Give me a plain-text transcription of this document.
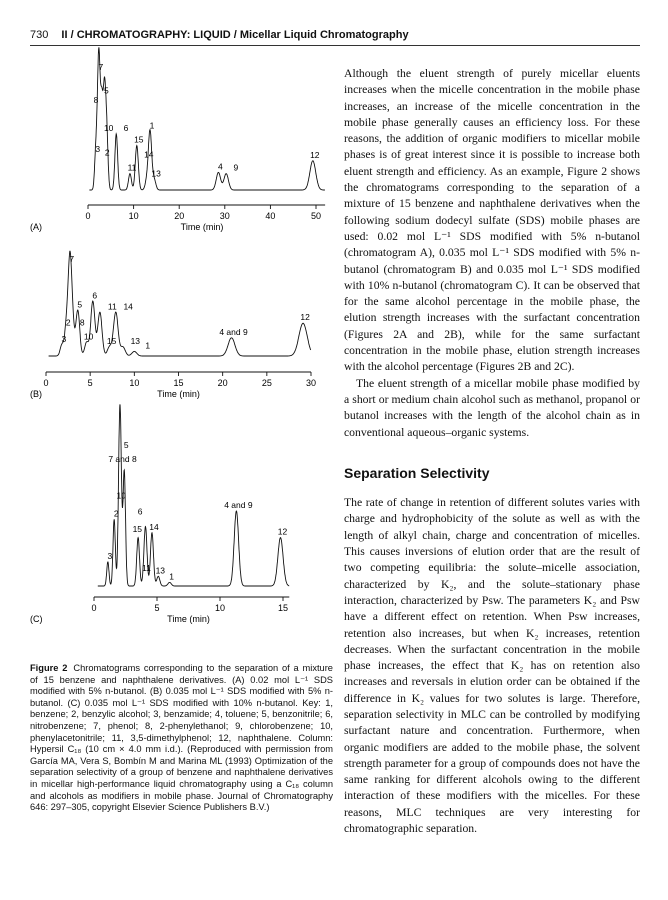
730 II / CHROMATOGRAPHY: LIQUID / Micellar Liquid Chromatography
0	10	20	30	40	50
Time (min)
(A)
7
5
8
1
10 6
15
3 2	12
4
11	9
13
14
0	5	10	15	20	25	30
Time (min)
(B)
7
6
5	11 14
12
2 8
4 and 9
10
3	15 13 1
0	5	10	15
Time (min)
(C)
7 and 8
5
10
4 and 9
2
14
15
6
12
3
11 13
1
Figure 2 Chromatograms corresponding to the separation of a mixture of 15 benzene and naphthalene derivatives. (A) 0.02 mol L⁻¹ SDS modified with 5% n-butanol. (B) 0.035 mol L⁻¹ SDS modified with 5% n-butanol. (C) 0.035 mol L⁻¹ SDS modified with 10% n-butanol. Key: 1, benzene; 2, benzylic alcohol; 3, benzamide; 4, toluene; 5, benzonitrile; 6, nitrobenzene; 7, phenol; 8, 2-phenylethanol; 9, chlorobenzene; 10, phenylacetonitrile; 11, 3,5-dimethylphenol; 12, naphthalene. Column: Hypersil C₁₈ (10 cm × 4.0 mm i.d.). (Reproduced with permission from García MA, Vera S, Bombín M and Marina ML (1993) Optimization of the separation selectivity of a group of benzene and naphthalene derivatives in micellar high-performance liquid chromatography using a C₁₈ column and alcohols as modifiers in mobile phase. Journal of Chromatography 646: 297–305, copyright Elsevier Science Publishers B.V.)

Although the eluent strength of purely micellar eluents increases when the micelle concentration in the mobile phase increases, an increase of the micelle concentration in the mobile phase generally causes an efficiency loss. For these reasons, the addition of organic modifiers to micellar mobile phases is of great interest since it is possible to increase both eluent strength and efficiency. As an example, Figure 2 shows the chromatograms corresponding to the separation of a mixture of 15 benzene and naphthalene derivatives when the following sodium dodecyl sulfate (SDS) mobile phases are used: 0.02 mol L⁻¹ SDS modified with 5% n-butanol (chromatogram A), 0.035 mol L⁻¹ SDS modified with 5% n-butanol (chromatogram B) and 0.035 mol L⁻¹ SDS modified with 10% n-butanol (chromatogram C). It can be observed that for the same alcohol percentage in the mobile phase, the elution strength increases with the surfactant concentration (Figures 2A and 2B), while for the same surfactant concentration in the mobile phase, elution strength increases with the alcohol percentage (Figures 2B and 2C).

The eluent strength of a micellar mobile phase modified by a short or medium chain alcohol such as methanol, propanol or butanol increases with the length of the alcohol chain as in conventional aqueous–organic systems.

Separation Selectivity

The rate of change in retention of different solutes varies with charge and hydrophobicity of the solute as well as with the length of alkyl chain, charge and concentration of micelles. This causes inversions of elution order that are the result of two competing equilibria: the solute–micelle association, characterized by K₂, and the solute–stationary phase interaction, characterized by Psw. The parameters K₂ and Psw have a different effect on retention. When Psw increases, retention also increases, but when K₂ increases, retention decreases. When the surfactant concentration in the mobile phase increases, the effect that K₂ has on retention also increases and reversals in elution order can be obtained if the difference in K₂ values for two solutes is large. Therefore, separation selectivity in MLC can be controlled by modifying surfactant nature and concentration. Furthermore, when organic modifiers are added to the mobile phase, the solvent strength parameter for a group of compounds does not have the same ranking for different alcohols owing to the different interaction of these modifiers with the micelles. For these reasons, MLC techniques are very interesting for chromatographic separation.
